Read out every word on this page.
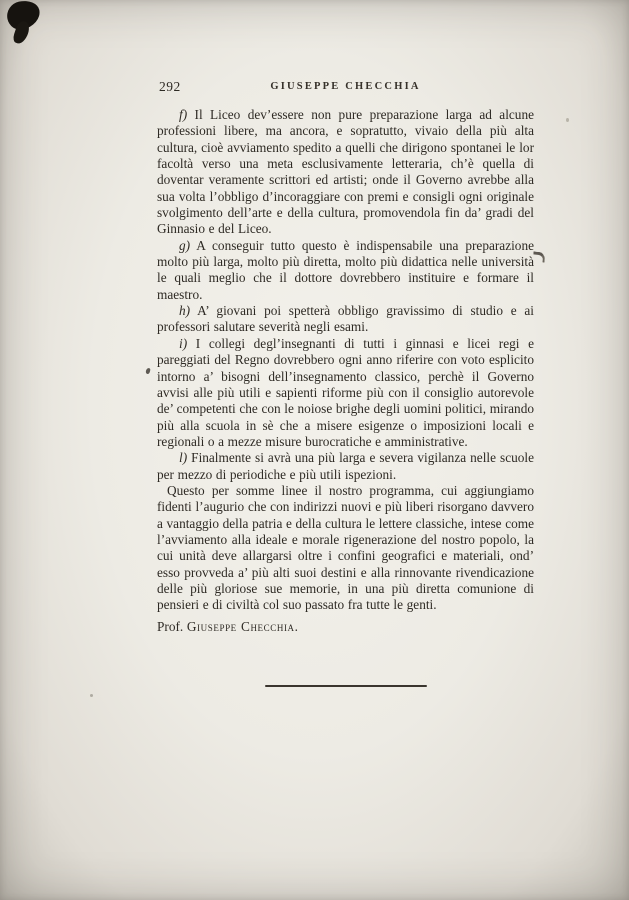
292	GIUSEPPE CHECCHIA

f) Il Liceo dev’essere non pure preparazione larga ad alcune professioni libere, ma ancora, e sopratutto, vivaio della più alta cultura, cioè avviamento spedito a quelli che dirigono spontanei le lor facoltà verso una meta esclusivamente letteraria, ch’è quella di doventar veramente scrittori ed artisti; onde il Governo avrebbe alla sua volta l’obbligo d’incoraggiare con premi e consigli ogni originale svolgimento dell’arte e della cultura, promovendola fin da’ gradi del Ginnasio e del Liceo.

g) A conseguir tutto questo è indispensabile una preparazione molto più larga, molto più diretta, molto più didattica nelle università le quali meglio che il dottore dovrebbero instituire e formare il maestro.

h) A’ giovani poi spetterà obbligo gravissimo di studio e ai professori salutare severità negli esami.

i) I collegi degl’insegnanti di tutti i ginnasi e licei regi e pareggiati del Regno dovrebbero ogni anno riferire con voto esplicito intorno a’ bisogni dell’insegnamento classico, perchè il Governo avvisi alle più utili e sapienti riforme più con il consiglio autorevole de’ competenti che con le noiose brighe degli uomini politici, mirando più alla scuola in sè che a misere esigenze o imposizioni locali e regionali o a mezze misure burocratiche e amministrative.

l) Finalmente si avrà una più larga e severa vigilanza nelle scuole per mezzo di periodiche e più utili ispezioni.

Questo per somme linee il nostro programma, cui aggiungiamo fidenti l’augurio che con indirizzi nuovi e più liberi risorgano davvero a vantaggio della patria e della cultura le lettere classiche, intese come l’avviamento alla ideale e morale rigenerazione del nostro popolo, la cui unità deve allargarsi oltre i confini geografici e materiali, ond’ esso provveda a’ più alti suoi destini e alla rinnovante rivendicazione delle più gloriose sue memorie, in una più diretta comunione di pensieri e di civiltà col suo passato fra tutte le genti.

Prof. Giuseppe Checchia.
